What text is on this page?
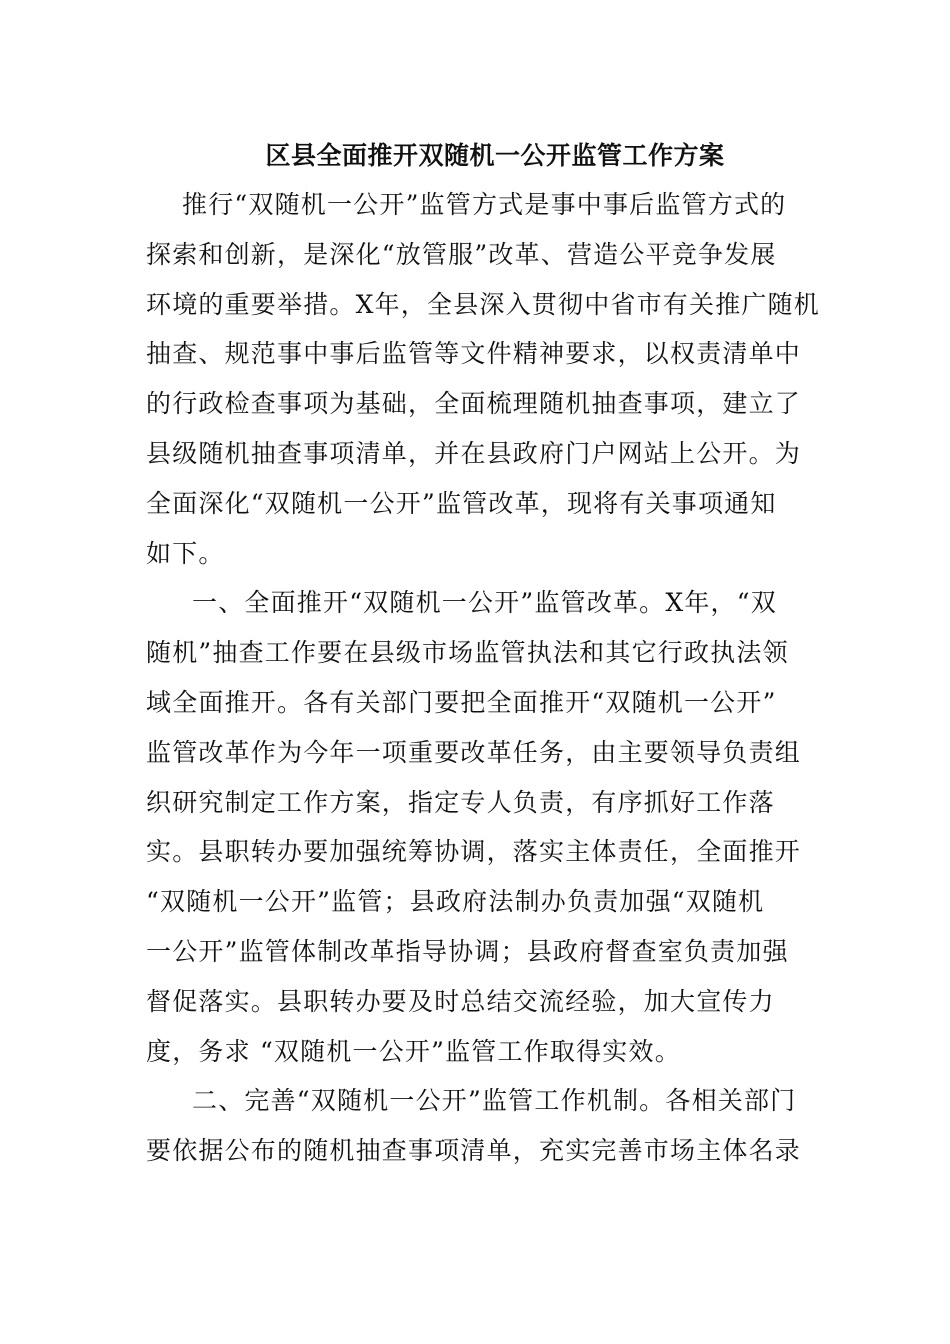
区县全面推开双随机一公开监管工作方案
推行“双随机一公开”监管方式是事中事后监管方式的
探索和创新，是深化“放管服”改革、营造公平竞争发展
环境的重要举措。X年，全县深入贯彻中省市有关推广随机
抽查、规范事中事后监管等文件精神要求，以权责清单中
的行政检查事项为基础，全面梳理随机抽查事项，建立了
县级随机抽查事项清单，并在县政府门户网站上公开。为
全面深化“双随机一公开”监管改革，现将有关事项通知
如下。
一、全面推开“双随机一公开”监管改革。X年，“双
随机”抽查工作要在县级市场监管执法和其它行政执法领
域全面推开。各有关部门要把全面推开“双随机一公开”
监管改革作为今年一项重要改革任务，由主要领导负责组
织研究制定工作方案，指定专人负责，有序抓好工作落
实。县职转办要加强统筹协调，落实主体责任，全面推开
“双随机一公开”监管；县政府法制办负责加强“双随机
一公开”监管体制改革指导协调；县政府督查室负责加强
督促落实。县职转办要及时总结交流经验，加大宣传力
度，务求 “双随机一公开”监管工作取得实效。
二、完善“双随机一公开”监管工作机制。各相关部门
要依据公布的随机抽查事项清单，充实完善市场主体名录
